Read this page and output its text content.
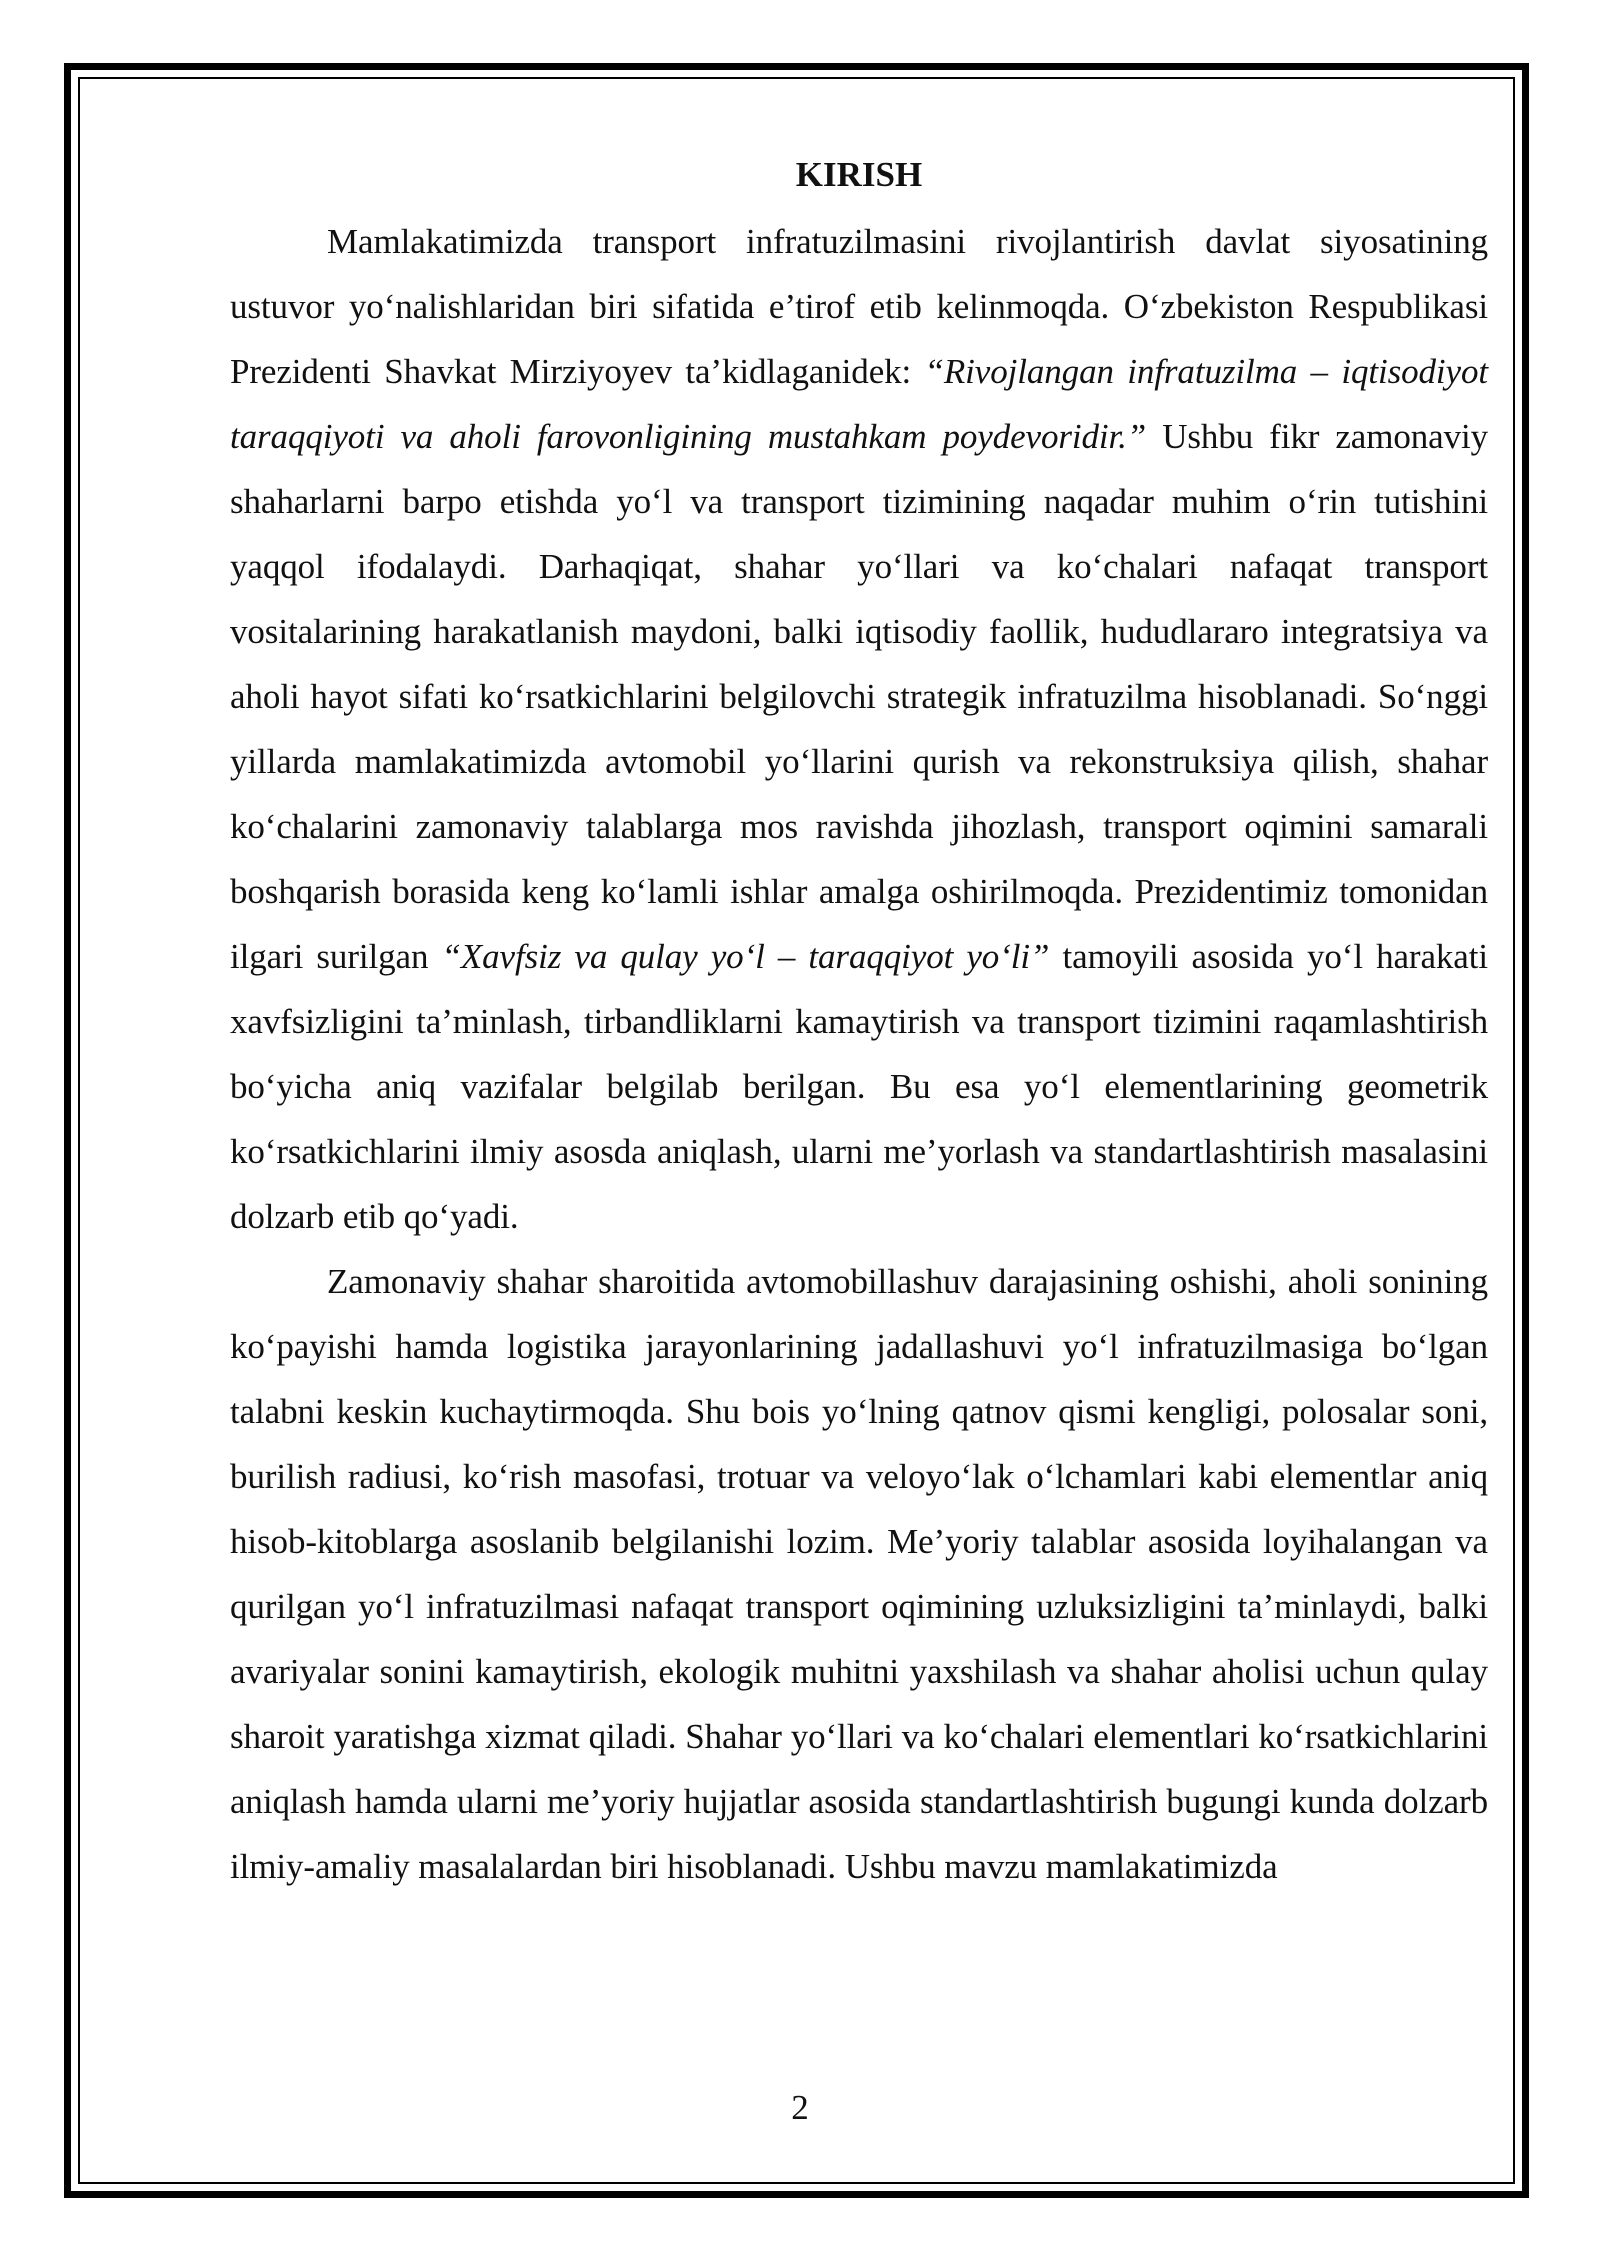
KIRISH

Mamlakatimizda transport infratuzilmasini rivojlantirish davlat siyosatining ustuvor yo‘nalishlaridan biri sifatida e’tirof etib kelinmoqda. O‘zbekiston Respublikasi Prezidenti Shavkat Mirziyoyev ta’kidlaganidek: “Rivojlangan infratuzilma – iqtisodiyot taraqqiyoti va aholi farovonligining mustahkam poydevoridir.” Ushbu fikr zamonaviy shaharlarni barpo etishda yo‘l va transport tizimining naqadar muhim o‘rin tutishini yaqqol ifodalaydi. Darhaqiqat, shahar yo‘llari va ko‘chalari nafaqat transport vositalarining harakatlanish maydoni, balki iqtisodiy faollik, hududlararo integratsiya va aholi hayot sifati ko‘rsatkichlarini belgilovchi strategik infratuzilma hisoblanadi. So‘nggi yillarda mamlakatimizda avtomobil yo‘llarini qurish va rekonstruksiya qilish, shahar ko‘chalarini zamonaviy talablarga mos ravishda jihozlash, transport oqimini samarali boshqarish borasida keng ko‘lamli ishlar amalga oshirilmoqda. Prezidentimiz tomonidan ilgari surilgan “Xavfsiz va qulay yo‘l – taraqqiyot yo‘li” tamoyili asosida yo‘l harakati xavfsizligini ta’minlash, tirbandliklarni kamaytirish va transport tizimini raqamlashtirish bo‘yicha aniq vazifalar belgilab berilgan. Bu esa yo‘l elementlarining geometrik ko‘rsatkichlarini ilmiy asosda aniqlash, ularni me’yorlash va standartlashtirish masalasini dolzarb etib qo‘yadi.

Zamonaviy shahar sharoitida avtomobillashuv darajasining oshishi, aholi sonining ko‘payishi hamda logistika jarayonlarining jadallashuvi yo‘l infratuzilmasiga bo‘lgan talabni keskin kuchaytirmoqda. Shu bois yo‘lning qatnov qismi kengligi, polosalar soni, burilish radiusi, ko‘rish masofasi, trotuar va veloyo‘lak o‘lchamlari kabi elementlar aniq hisob-kitoblarga asoslanib belgilanishi lozim. Me’yoriy talablar asosida loyihalangan va qurilgan yo‘l infratuzilmasi nafaqat transport oqimining uzluksizligini ta’minlaydi, balki avariyalar sonini kamaytirish, ekologik muhitni yaxshilash va shahar aholisi uchun qulay sharoit yaratishga xizmat qiladi. Shahar yo‘llari va ko‘chalari elementlari ko‘rsatkichlarini aniqlash hamda ularni me’yoriy hujjatlar asosida standartlashtirish bugungi kunda dolzarb ilmiy-amaliy masalalardan biri hisoblanadi. Ushbu mavzu mamlakatimizda

2
